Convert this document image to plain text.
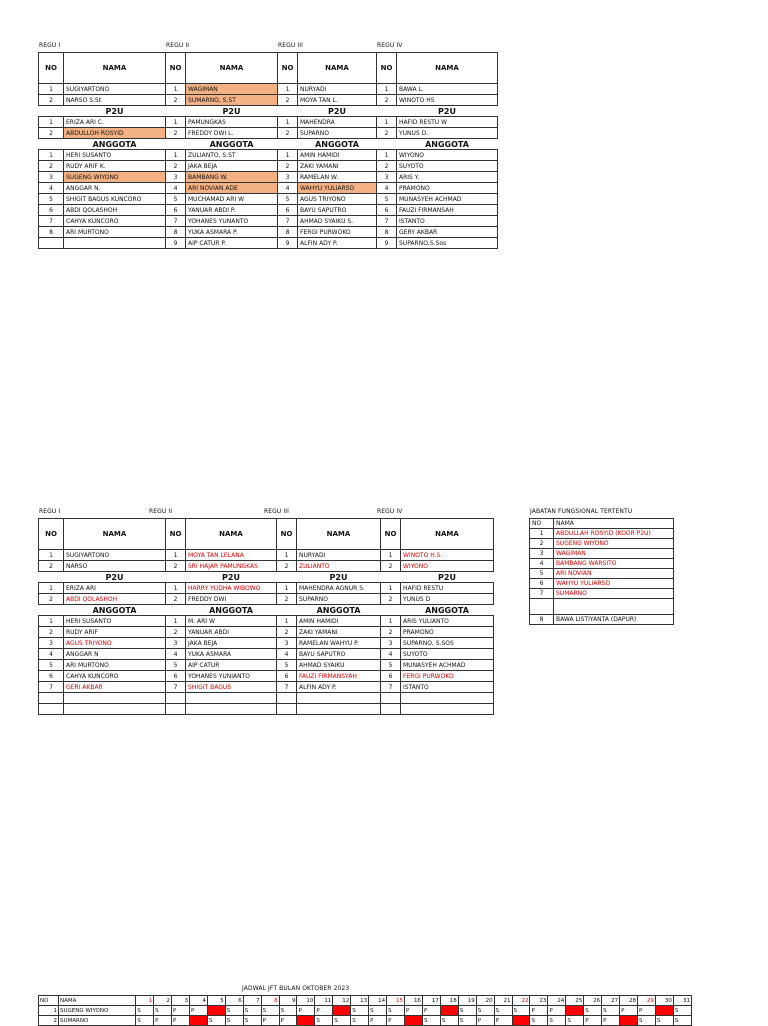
REGU I	REGU II	REGU III	REGU IV
NO	NAMA	NO	NAMA	NO	NAMA	NO	NAMA
1	SUGIYARTONO	1	WAGIMAN	1	NURYADI	1	BAWA L.
2	NARSO S.St	2	SUMARNO, S.ST	2	MOYA TAN L.	2	WINOTO HS
	P2U		P2U		P2U		P2U
1	ERIZA ARI C.	1	PAMUNGKAS	1	MAHENDRA	1	HAFID RESTU W
2	ABDULLOH ROSYID	2	FREDDY DWI L.	2	SUPARNO	2	YUNUS D.
	ANGGOTA		ANGGOTA		ANGGOTA		ANGGOTA
1	HERI SUSANTO	1	ZULIANTO, S.ST	1	AMIN HAMIDI	1	WIYONO
2	RUDY ARIF K.	2	JAKA BEJA	2	ZAKI YAMANI	2	SUYOTO
3	SUGENG WIYONO	3	BAMBANG W.	3	RAMELAN W.	3	ARIS Y.
4	ANGGAR N.	4	ARI NOVIAN ADE	4	WAHYU YULIARSO	4	PRAMONO
5	SHIGIT BAGUS KUNCORO	5	MUCHAMAD ARI W	5	AGUS TRIYONO	5	MUNASYEH ACHMAD
6	ABDI QOLASHOH	6	YANUAR ABDI P.	6	BAYU SAPUTRO	6	FAUZI FIRMANSAH
7	CAHYA KUNCORO	7	YOHANES YUNANTO	7	AHMAD SYAIKU S.	7	ISTANTO
8	ARI MURTONO	8	YUKA ASMARA P.	8	FERGI PURWOKO	8	GERY AKBAR
		9	AIP CATUR P.	9	ALFIN ADY P.	9	SUPARNO,S.Sos
REGU I	REGU II	REGU III	REGU IV
NO	NAMA	NO	NAMA	NO	NAMA	NO	NAMA
1	SUGIYARTONO	1	MOYA TAN LELANA	1	NURYADI	1	WINOTO H.S.
2	NARSO	2	SRI HAJAR PAMUNGKAS	2	ZULIANTO	2	WIYONO
	P2U		P2U		P2U		P2U
1	ERIZA ARI	1	HARRY YUDHA WIBOWO	1	MAHENDRA AGNUR S.	1	HAFID RESTU
2	ABDI QOLASHOH	2	FREDDY DWI	2	SUPARNO	2	YUNUS D
	ANGGOTA		ANGGOTA		ANGGOTA		ANGGOTA
1	HERI SUSANTO	1	M. ARI W	1	AMIN HAMIDI	1	ARIS YULIANTO
2	RUDY ARIF	2	YANUAR ABDI	2	ZAKI YAMANI	2	PRAMONO
3	AGUS TRIYONO	3	JAKA BEJA	3	RAMELAN WAHYU P.	3	SUPARNO, S.SOS
4	ANGGAR N	4	YUKA ASMARA	4	BAYU SAPUTRO	4	SUYOTO
5	ARI MURTONO	5	AIP CATUR	5	AHMAD SYAIKU	5	MUNASYEH ACHMAD
6	CAHYA KUNCORO	6	YOHANES YUNIANTO	6	FAUZI FIRMANSYAH	6	FERGI PURWOKO
7	GERI AKBAR	7	SHIGIT BAGUS	7	ALFIN ADY P.	7	ISTANTO

JABATAN FUNGSIONAL TERTENTU
NO	NAMA
1	ABDULLAH ROSYID (KOOR P2U)
2	SUGENG WIYONO
3	WAGIMAN
4	BAMBANG WARSITO
5	ARI NOVIAN
6	WAHYU YULIARSO
7	SUMARNO

8	BAWA LISTIYANTA (DAPUR)
JADWAL JFT BULAN OKTOBER 2023
NO	NAMA	1	2	3	4	5	6	7	8	9	10	11	12	13	14	15	16	17	18	19	20	21	22	23	24	25	26	27	28	29	30	31
1	SUGENG WIYONO	S	S	P	P		S	S	S	S	P	P		S	S	S	P	P		S	S	S	S	P	P		S	S	P	P		S
2	SUMARNO	S	P	P		S	S	S	P	P		S	S	S	P	P		S	S	S	P	P		S	S	S	P	P		S	S	S
